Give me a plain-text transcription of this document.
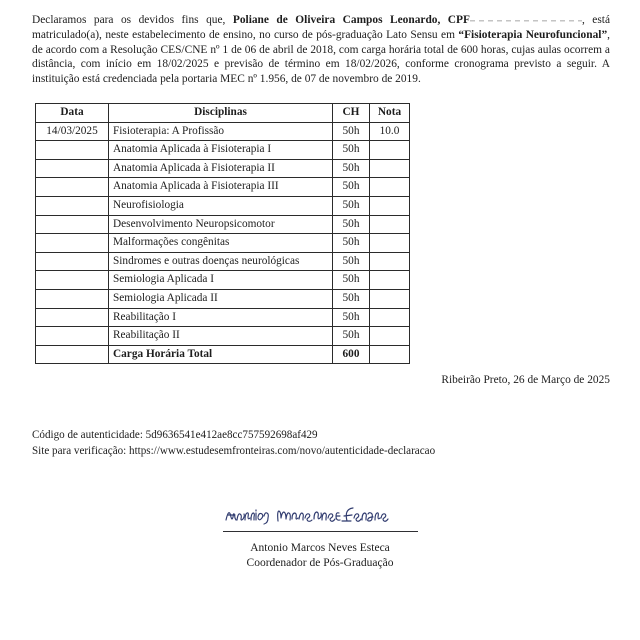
Declaramos para os devidos fins que, Poliane de Oliveira Campos Leonardo, CPF	, está matriculado(a), neste estabelecimento de ensino, no curso de pós-graduação Lato Sensu em “Fisioterapia Neurofuncional”, de acordo com a Resolução CES/CNE nº 1 de 06 de abril de 2018, com carga horária total de 600 horas, cujas aulas ocorrem a distância, com início em 18/02/2025 e previsão de término em 18/02/2026, conforme cronograma previsto a seguir. A instituição está credenciada pela portaria MEC nº 1.956, de 07 de novembro de 2019.

Data	Disciplinas	CH	Nota
14/03/2025	Fisioterapia: A Profissão	50h	10.0
	Anatomia Aplicada à Fisioterapia I	50h	
	Anatomia Aplicada à Fisioterapia II	50h	
	Anatomia Aplicada à Fisioterapia III	50h	
	Neurofisiologia	50h	
	Desenvolvimento Neuropsicomotor	50h	
	Malformações congênitas	50h	
	Sindromes e outras doenças neurológicas	50h	
	Semiologia Aplicada I	50h	
	Semiologia Aplicada II	50h	
	Reabilitação I	50h	
	Reabilitação II	50h	
	Carga Horária Total	600	
Ribeirão Preto, 26 de Março de 2025
Código de autenticidade: 5d9636541e412ae8cc757592698af429
Site para verificação: https://www.estudesemfronteiras.com/novo/autenticidade-declaracao
Antonio Marcos Neves Esteca
Coordenador de Pós-Graduação
